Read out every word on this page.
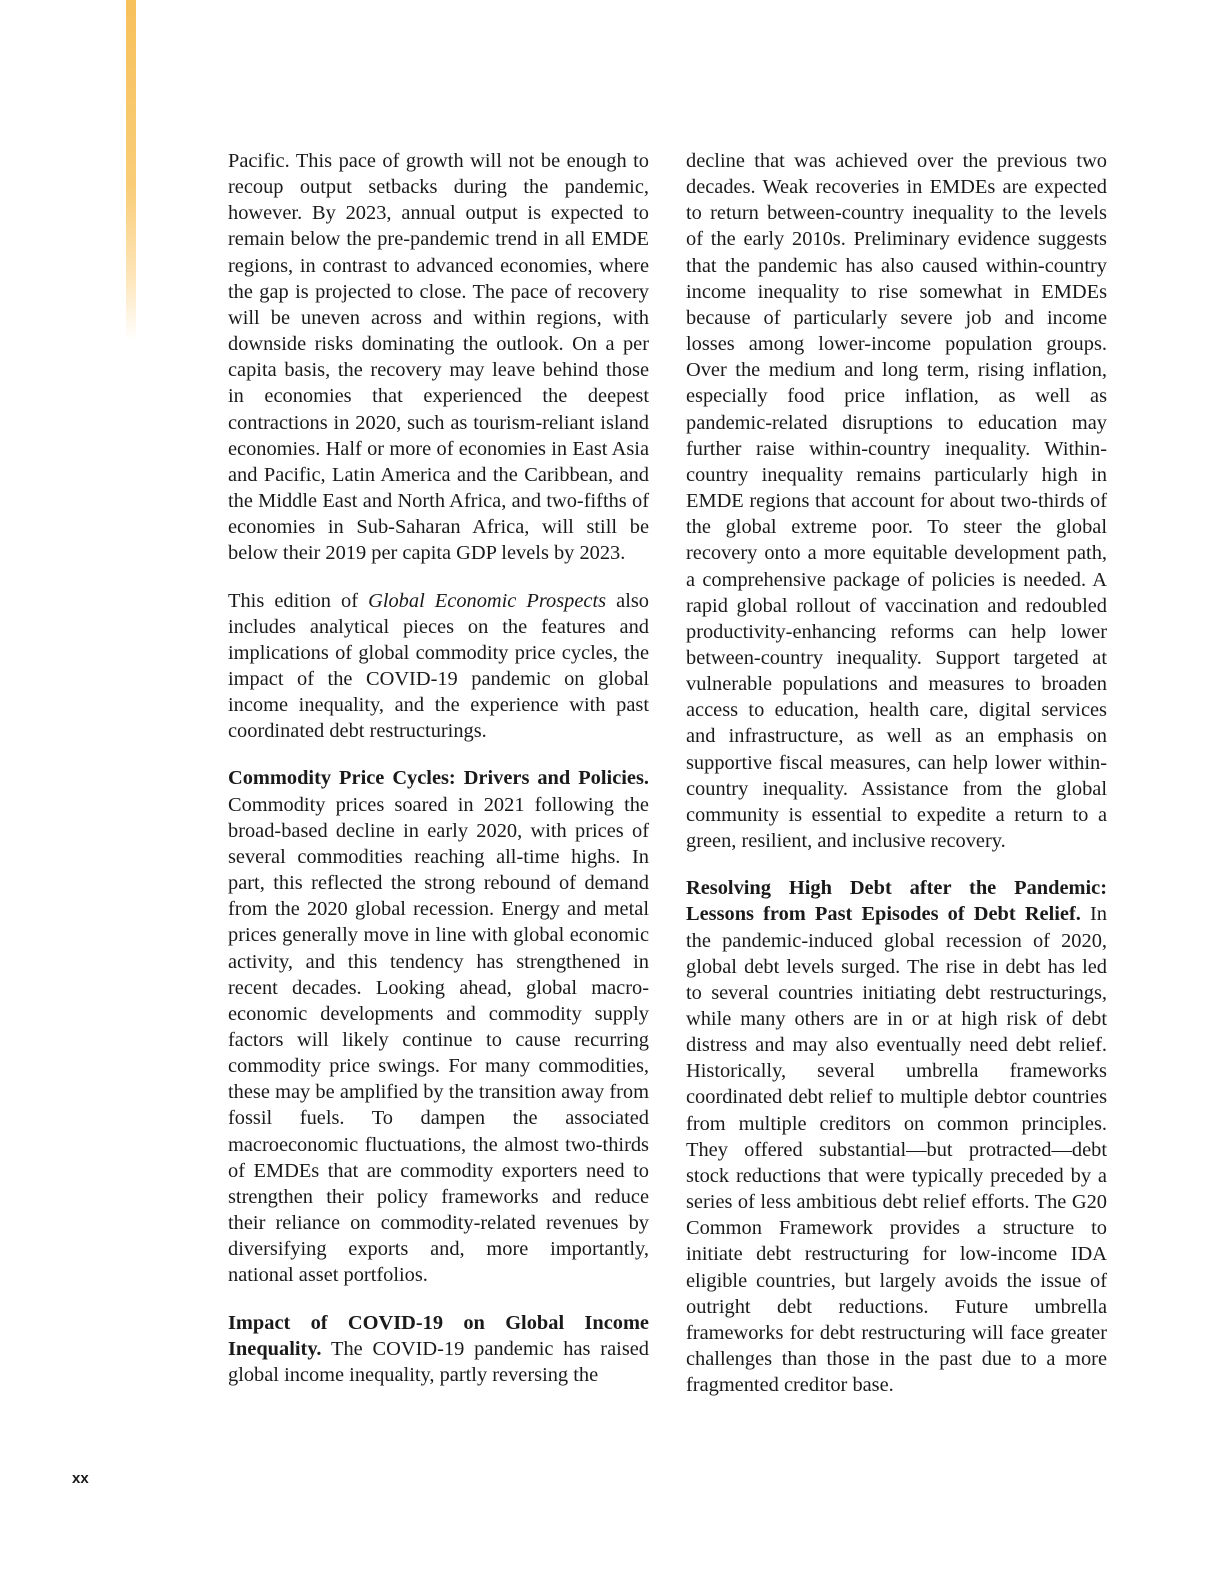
Pacific. This pace of growth will not be enough to recoup output setbacks during the pandemic, however. By 2023, annual output is expected to remain below the pre-pandemic trend in all EMDE regions, in contrast to advanced economies, where the gap is projected to close. The pace of recovery will be uneven across and within regions, with downside risks dominating the outlook. On a per capita basis, the recovery may leave behind those in economies that experienced the deepest contractions in 2020, such as tourism-reliant island economies. Half or more of economies in East Asia and Pacific, Latin America and the Caribbean, and the Middle East and North Africa, and two-fifths of economies in Sub-Saharan Africa, will still be below their 2019 per capita GDP levels by 2023.

This edition of Global Economic Prospects also includes analytical pieces on the features and implications of global commodity price cycles, the impact of the COVID-19 pandemic on global income inequality, and the experience with past coordinated debt restructurings.

Commodity Price Cycles: Drivers and Policies. Commodity prices soared in 2021 following the broad-based decline in early 2020, with prices of several commodities reaching all-time highs. In part, this reflected the strong rebound of demand from the 2020 global recession. Energy and metal prices generally move in line with global economic activity, and this tendency has strengthened in recent decades. Looking ahead, global macroeconomic developments and commodity supply factors will likely continue to cause recurring commodity price swings. For many commodities, these may be amplified by the transition away from fossil fuels. To dampen the associated macroeconomic fluctuations, the almost two-thirds of EMDEs that are commodity exporters need to strengthen their policy frameworks and reduce their reliance on commodity-related revenues by diversifying exports and, more importantly, national asset portfolios.

Impact of COVID-19 on Global Income Inequality. The COVID-19 pandemic has raised global income inequality, partly reversing the

decline that was achieved over the previous two decades. Weak recoveries in EMDEs are expected to return between-country inequality to the levels of the early 2010s. Preliminary evidence suggests that the pandemic has also caused within-country income inequality to rise somewhat in EMDEs because of particularly severe job and income losses among lower-income population groups. Over the medium and long term, rising inflation, especially food price inflation, as well as pandemic-related disruptions to education may further raise within-country inequality. Within-country inequality remains particularly high in EMDE regions that account for about two-thirds of the global extreme poor. To steer the global recovery onto a more equitable development path, a comprehensive package of policies is needed. A rapid global rollout of vaccination and redoubled productivity-enhancing reforms can help lower between-country inequality. Support targeted at vulnerable populations and measures to broaden access to education, health care, digital services and infrastructure, as well as an emphasis on supportive fiscal measures, can help lower within-country inequality. Assistance from the global community is essential to expedite a return to a green, resilient, and inclusive recovery.

Resolving High Debt after the Pandemic: Lessons from Past Episodes of Debt Relief. In the pandemic-induced global recession of 2020, global debt levels surged. The rise in debt has led to several countries initiating debt restructurings, while many others are in or at high risk of debt distress and may also eventually need debt relief. Historically, several umbrella frameworks coordinated debt relief to multiple debtor countries from multiple creditors on common principles. They offered substantial—but protracted—debt stock reductions that were typically preceded by a series of less ambitious debt relief efforts. The G20 Common Framework provides a structure to initiate debt restructuring for low-income IDA eligible countries, but largely avoids the issue of outright debt reductions. Future umbrella frameworks for debt restructuring will face greater challenges than those in the past due to a more fragmented creditor base.

xx
